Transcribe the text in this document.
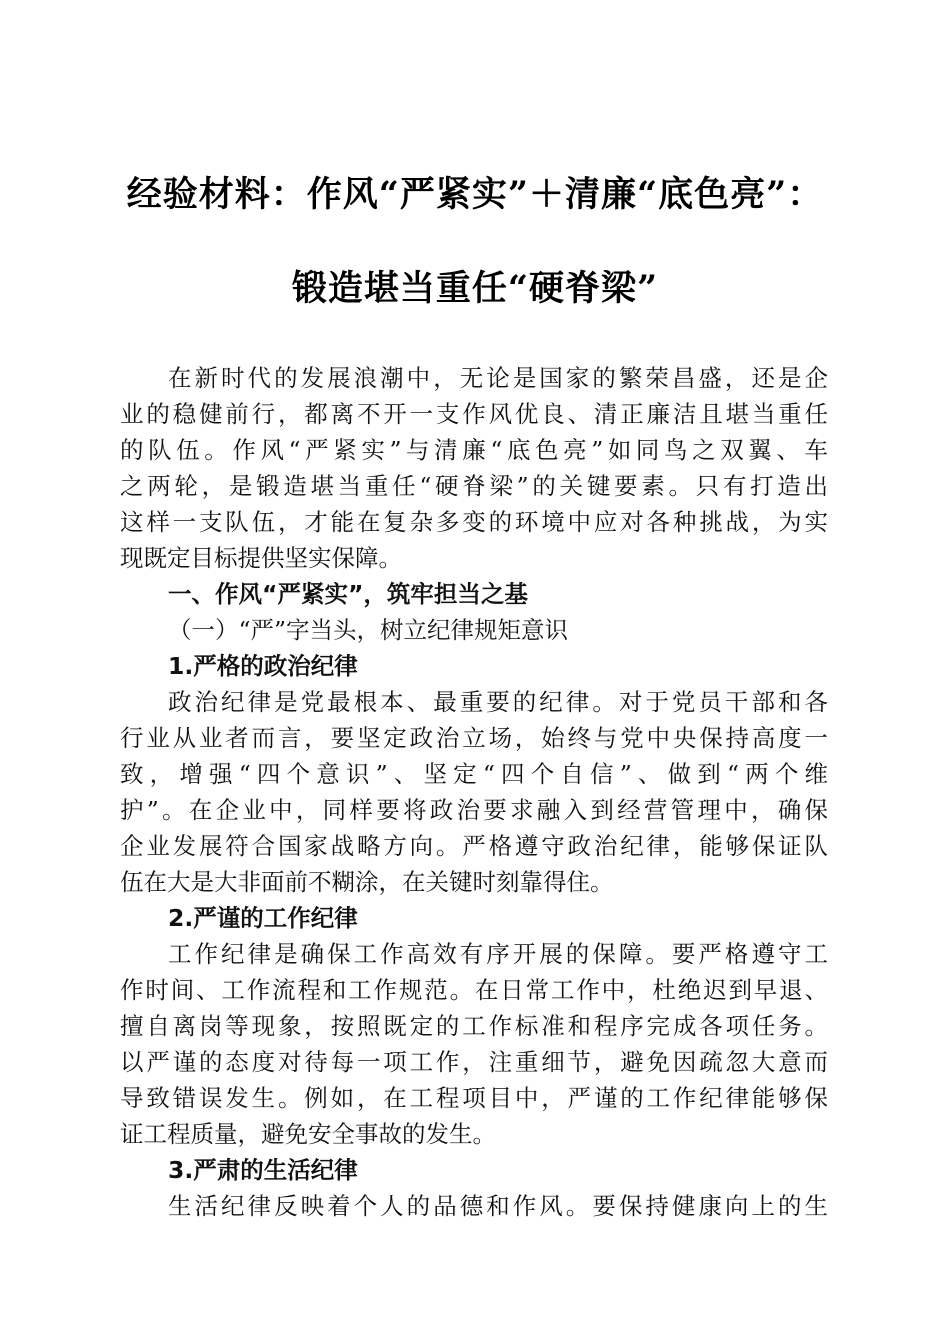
经验材料：作风“严紧实”＋清廉“底色亮”：
锻造堪当重任“硬脊梁”

在新时代的发展浪潮中，无论是国家的繁荣昌盛，还是企

业的稳健前行，都离不开一支作风优良、清正廉洁且堪当重任

的队伍。作风“严紧实”与清廉“底色亮”如同鸟之双翼、车

之两轮，是锻造堪当重任“硬脊梁”的关键要素。只有打造出

这样一支队伍，才能在复杂多变的环境中应对各种挑战，为实

现既定目标提供坚实保障。

一、作风“严紧实”，筑牢担当之基

（一）“严”字当头，树立纪律规矩意识

1.严格的政治纪律

政治纪律是党最根本、最重要的纪律。对于党员干部和各

行业从业者而言，要坚定政治立场，始终与党中央保持高度一

致，增强“四个意识”、坚定“四个自信”、做到“两个维

护”。在企业中，同样要将政治要求融入到经营管理中，确保

企业发展符合国家战略方向。严格遵守政治纪律，能够保证队

伍在大是大非面前不糊涂，在关键时刻靠得住。

2.严谨的工作纪律

工作纪律是确保工作高效有序开展的保障。要严格遵守工

作时间、工作流程和工作规范。在日常工作中，杜绝迟到早退、

擅自离岗等现象，按照既定的工作标准和程序完成各项任务。

以严谨的态度对待每一项工作，注重细节，避免因疏忽大意而

导致错误发生。例如，在工程项目中，严谨的工作纪律能够保

证工程质量，避免安全事故的发生。

3.严肃的生活纪律

生活纪律反映着个人的品德和作风。要保持健康向上的生
